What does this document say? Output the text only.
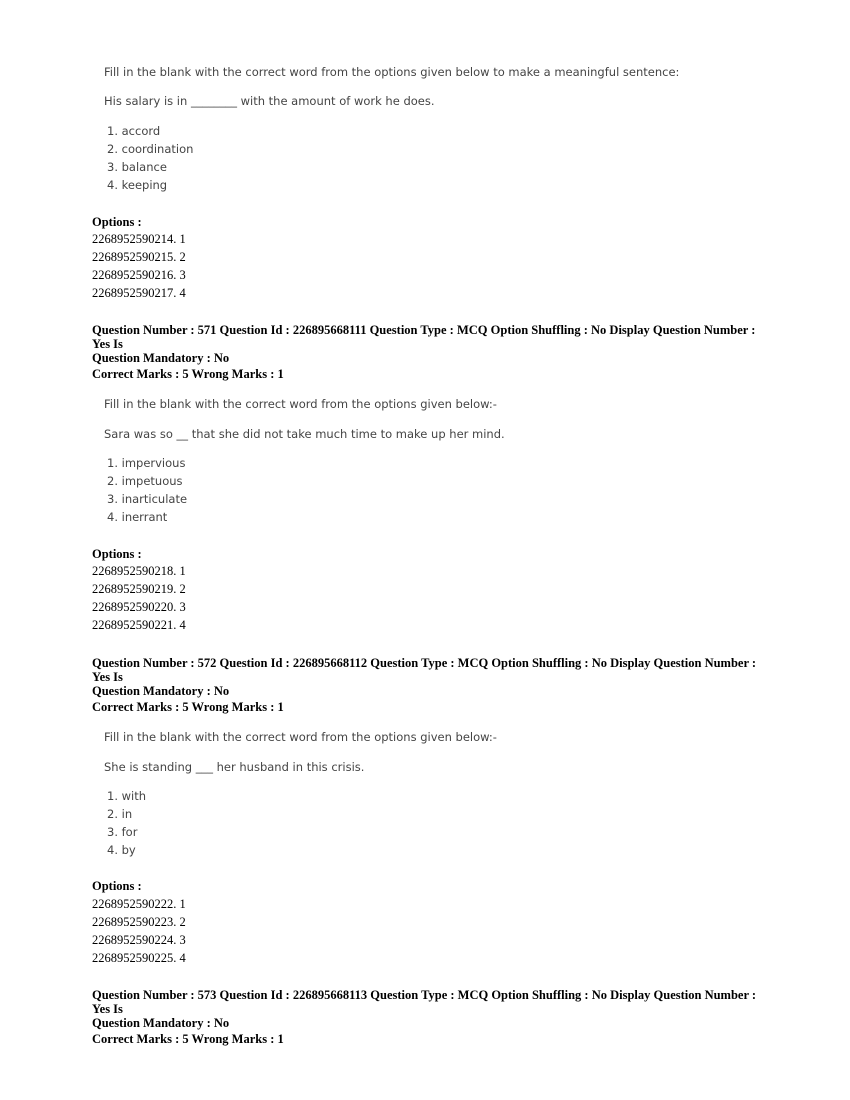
Fill in the blank with the correct word from the options given below to make a meaningful sentence:
His salary is in ________ with the amount of work he does.
1. accord
2. coordination
3. balance
4. keeping
Options :
2268952590214. 1
2268952590215. 2
2268952590216. 3
2268952590217. 4
Question Number : 571 Question Id : 226895668111 Question Type : MCQ Option Shuffling : No Display Question Number : Yes Is
Question Mandatory : No
Correct Marks : 5 Wrong Marks : 1
Fill in the blank with the correct word from the options given below:-
Sara was so __ that she did not take much time to make up her mind.
1. impervious
2. impetuous
3. inarticulate
4. inerrant
Options :
2268952590218. 1
2268952590219. 2
2268952590220. 3
2268952590221. 4
Question Number : 572 Question Id : 226895668112 Question Type : MCQ Option Shuffling : No Display Question Number : Yes Is
Question Mandatory : No
Correct Marks : 5 Wrong Marks : 1
Fill in the blank with the correct word from the options given below:-
She is standing ___ her husband in this crisis.
1. with
2. in
3. for
4. by
Options :
2268952590222. 1
2268952590223. 2
2268952590224. 3
2268952590225. 4
Question Number : 573 Question Id : 226895668113 Question Type : MCQ Option Shuffling : No Display Question Number : Yes Is
Question Mandatory : No
Correct Marks : 5 Wrong Marks : 1
